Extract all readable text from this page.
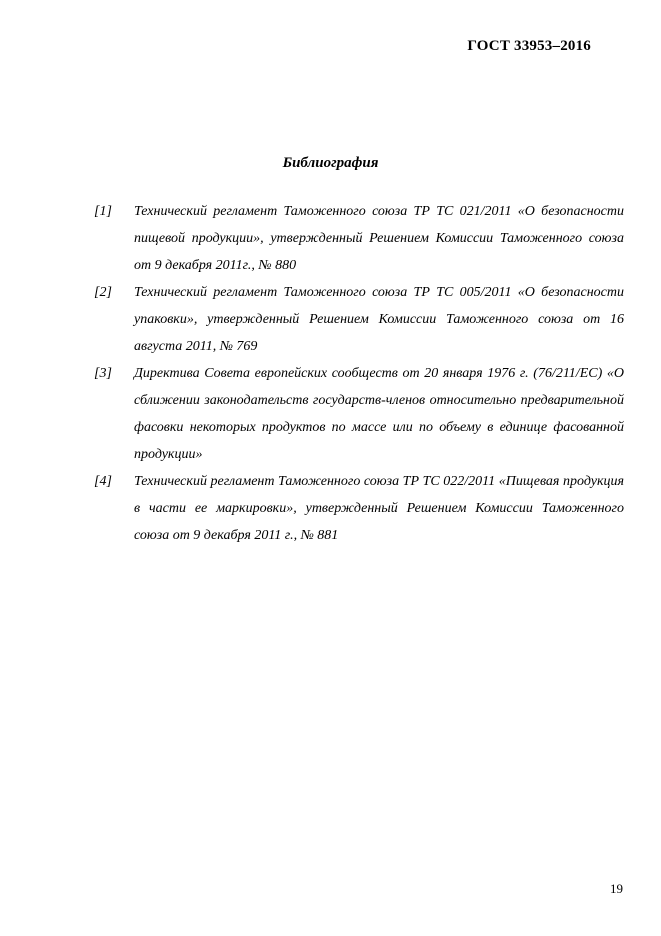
ГОСТ 33953–2016
Библиография
[1] Технический регламент Таможенного союза ТР ТС 021/2011 «О безопасности пищевой продукции», утвержденный Решением Комиссии Таможенного союза от 9 декабря 2011г., № 880
[2] Технический регламент Таможенного союза ТР ТС 005/2011 «О безопасности упаковки», утвержденный Решением Комиссии Таможенного союза от 16 августа 2011, № 769
[3] Директива Совета европейских сообществ от 20 января 1976 г. (76/211/ЕС) «О сближении законодательств государств-членов относительно предварительной фасовки некоторых продуктов по массе или по объему в единице фасованной продукции»
[4] Технический регламент Таможенного союза ТР ТС 022/2011 «Пищевая продукция в части ее маркировки», утвержденный Решением Комиссии Таможенного союза от 9 декабря 2011 г., № 881
19
